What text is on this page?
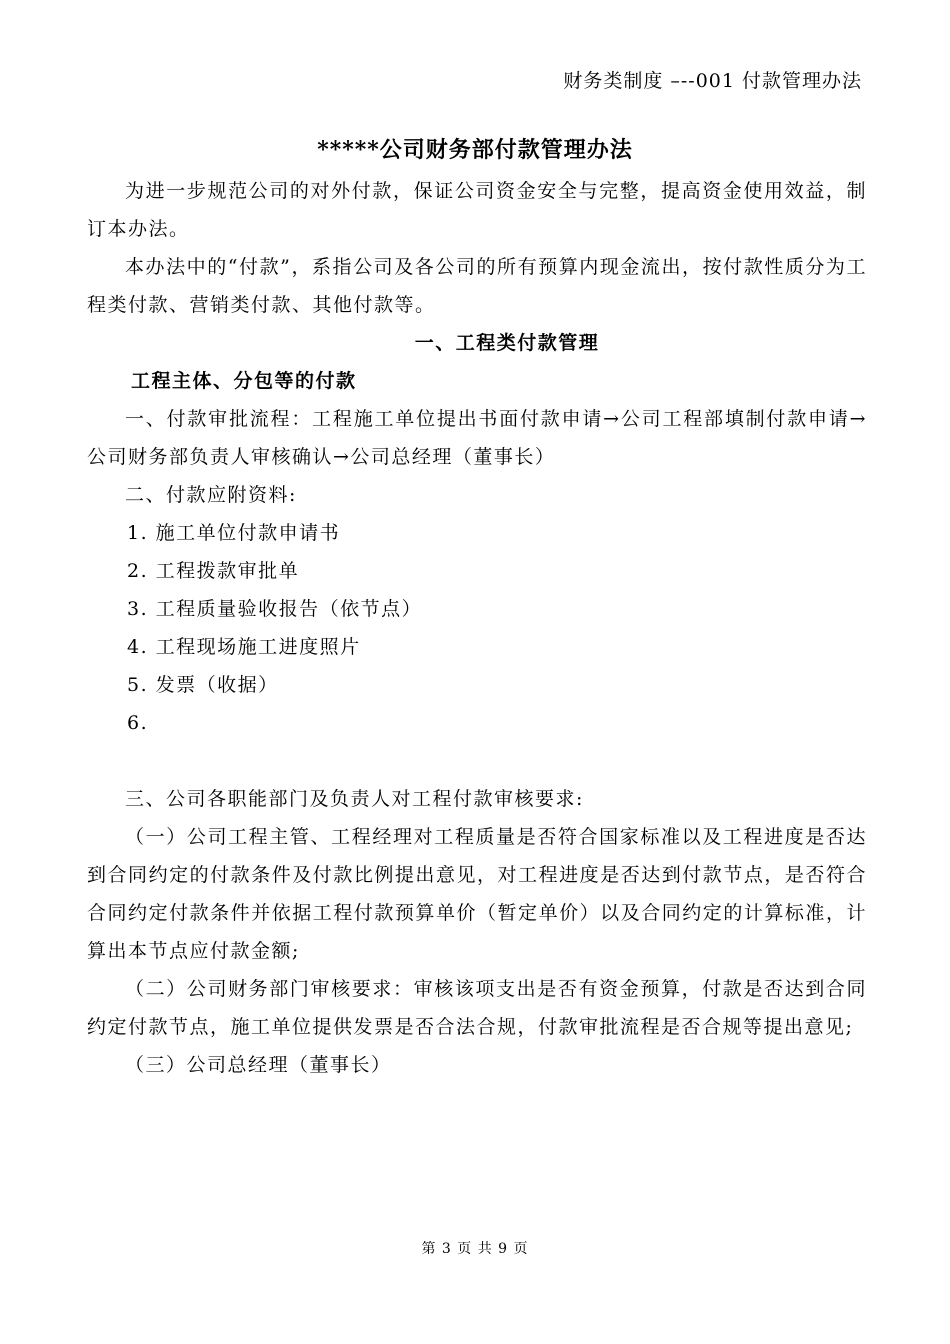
财务类制度 –--001 付款管理办法
*****公司财务部付款管理办法

为进一步规范公司的对外付款，保证公司资金安全与完整，提高资金使用效益，制订本办法。

本办法中的“付款”，系指公司及各公司的所有预算内现金流出，按付款性质分为工程类付款、营销类付款、其他付款等。

一、工程类付款管理

工程主体、分包等的付款

一、付款审批流程：工程施工单位提出书面付款申请→公司工程部填制付款申请→公司财务部负责人审核确认→公司总经理（董事长）

二、付款应附资料:

1. 施工单位付款申请书

2. 工程拨款审批单

3. 工程质量验收报告（依节点）

4. 工程现场施工进度照片

5. 发票（收据）

6.

三、公司各职能部门及负责人对工程付款审核要求:

（一）公司工程主管、工程经理对工程质量是否符合国家标准以及工程进度是否达到合同约定的付款条件及付款比例提出意见，对工程进度是否达到付款节点，是否符合合同约定付款条件并依据工程付款预算单价（暂定单价）以及合同约定的计算标准，计算出本节点应付款金额;

（二）公司财务部门审核要求：审核该项支出是否有资金预算，付款是否达到合同约定付款节点，施工单位提供发票是否合法合规，付款审批流程是否合规等提出意见;

（三）公司总经理（董事长）

第 3 页 共 9 页
